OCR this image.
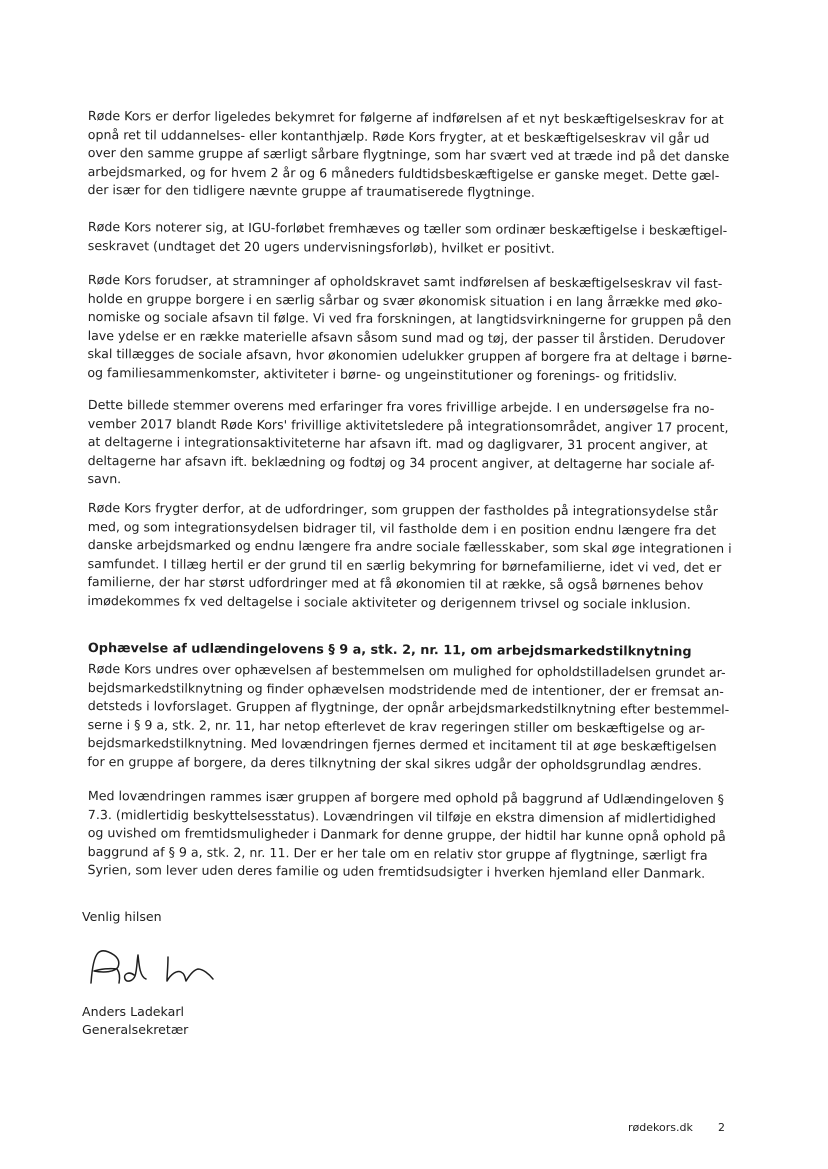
Røde Kors er derfor ligeledes bekymret for følgerne af indførelsen af et nyt beskæftigelseskrav for at
opnå ret til uddannelses- eller kontanthjælp. Røde Kors frygter, at et beskæftigelseskrav vil går ud
over den samme gruppe af særligt sårbare flygtninge, som har svært ved at træde ind på det danske
arbejdsmarked, og for hvem 2 år og 6 måneders fuldtidsbeskæftigelse er ganske meget. Dette gæl-
der især for den tidligere nævnte gruppe af traumatiserede flygtninge.

Røde Kors noterer sig, at IGU-forløbet fremhæves og tæller som ordinær beskæftigelse i beskæftigel-
seskravet (undtaget det 20 ugers undervisningsforløb), hvilket er positivt.

Røde Kors forudser, at stramninger af opholdskravet samt indførelsen af beskæftigelseskrav vil fast-
holde en gruppe borgere i en særlig sårbar og svær økonomisk situation i en lang årrække med øko-
nomiske og sociale afsavn til følge. Vi ved fra forskningen, at langtidsvirkningerne for gruppen på den
lave ydelse er en række materielle afsavn såsom sund mad og tøj, der passer til årstiden. Derudover
skal tillægges de sociale afsavn, hvor økonomien udelukker gruppen af borgere fra at deltage i børne-
og familiesammenkomster, aktiviteter i børne- og ungeinstitutioner og forenings- og fritidsliv.

Dette billede stemmer overens med erfaringer fra vores frivillige arbejde. I en undersøgelse fra no-
vember 2017 blandt Røde Kors' frivillige aktivitetsledere på integrationsområdet, angiver 17 procent,
at deltagerne i integrationsaktiviteterne har afsavn ift. mad og dagligvarer, 31 procent angiver, at
deltagerne har afsavn ift. beklædning og fodtøj og 34 procent angiver, at deltagerne har sociale af-
savn.

Røde Kors frygter derfor, at de udfordringer, som gruppen der fastholdes på integrationsydelse står
med, og som integrationsydelsen bidrager til, vil fastholde dem i en position endnu længere fra det
danske arbejdsmarked og endnu længere fra andre sociale fællesskaber, som skal øge integrationen i
samfundet. I tillæg hertil er der grund til en særlig bekymring for børnefamilierne, idet vi ved, det er
familierne, der har størst udfordringer med at få økonomien til at række, så også børnenes behov
imødekommes fx ved deltagelse i sociale aktiviteter og derigennem trivsel og sociale inklusion.

Ophævelse af udlændingelovens § 9 a, stk. 2, nr. 11, om arbejdsmarkedstilknytning

Røde Kors undres over ophævelsen af bestemmelsen om mulighed for opholdstilladelsen grundet ar-
bejdsmarkedstilknytning og finder ophævelsen modstridende med de intentioner, der er fremsat an-
detsteds i lovforslaget. Gruppen af flygtninge, der opnår arbejdsmarkedstilknytning efter bestemmel-
serne i § 9 a, stk. 2, nr. 11, har netop efterlevet de krav regeringen stiller om beskæftigelse og ar-
bejdsmarkedstilknytning. Med lovændringen fjernes dermed et incitament til at øge beskæftigelsen
for en gruppe af borgere, da deres tilknytning der skal sikres udgår der opholdsgrundlag ændres.

Med lovændringen rammes især gruppen af borgere med ophold på baggrund af Udlændingeloven §
7.3. (midlertidig beskyttelsesstatus). Lovændringen vil tilføje en ekstra dimension af midlertidighed
og uvished om fremtidsmuligheder i Danmark for denne gruppe, der hidtil har kunne opnå ophold på
baggrund af § 9 a, stk. 2, nr. 11. Der er her tale om en relativ stor gruppe af flygtninge, særligt fra
Syrien, som lever uden deres familie og uden fremtidsudsigter i hverken hjemland eller Danmark.

Venlig hilsen

Anders Ladekarl

Generalsekretær

rødekors.dk 2
